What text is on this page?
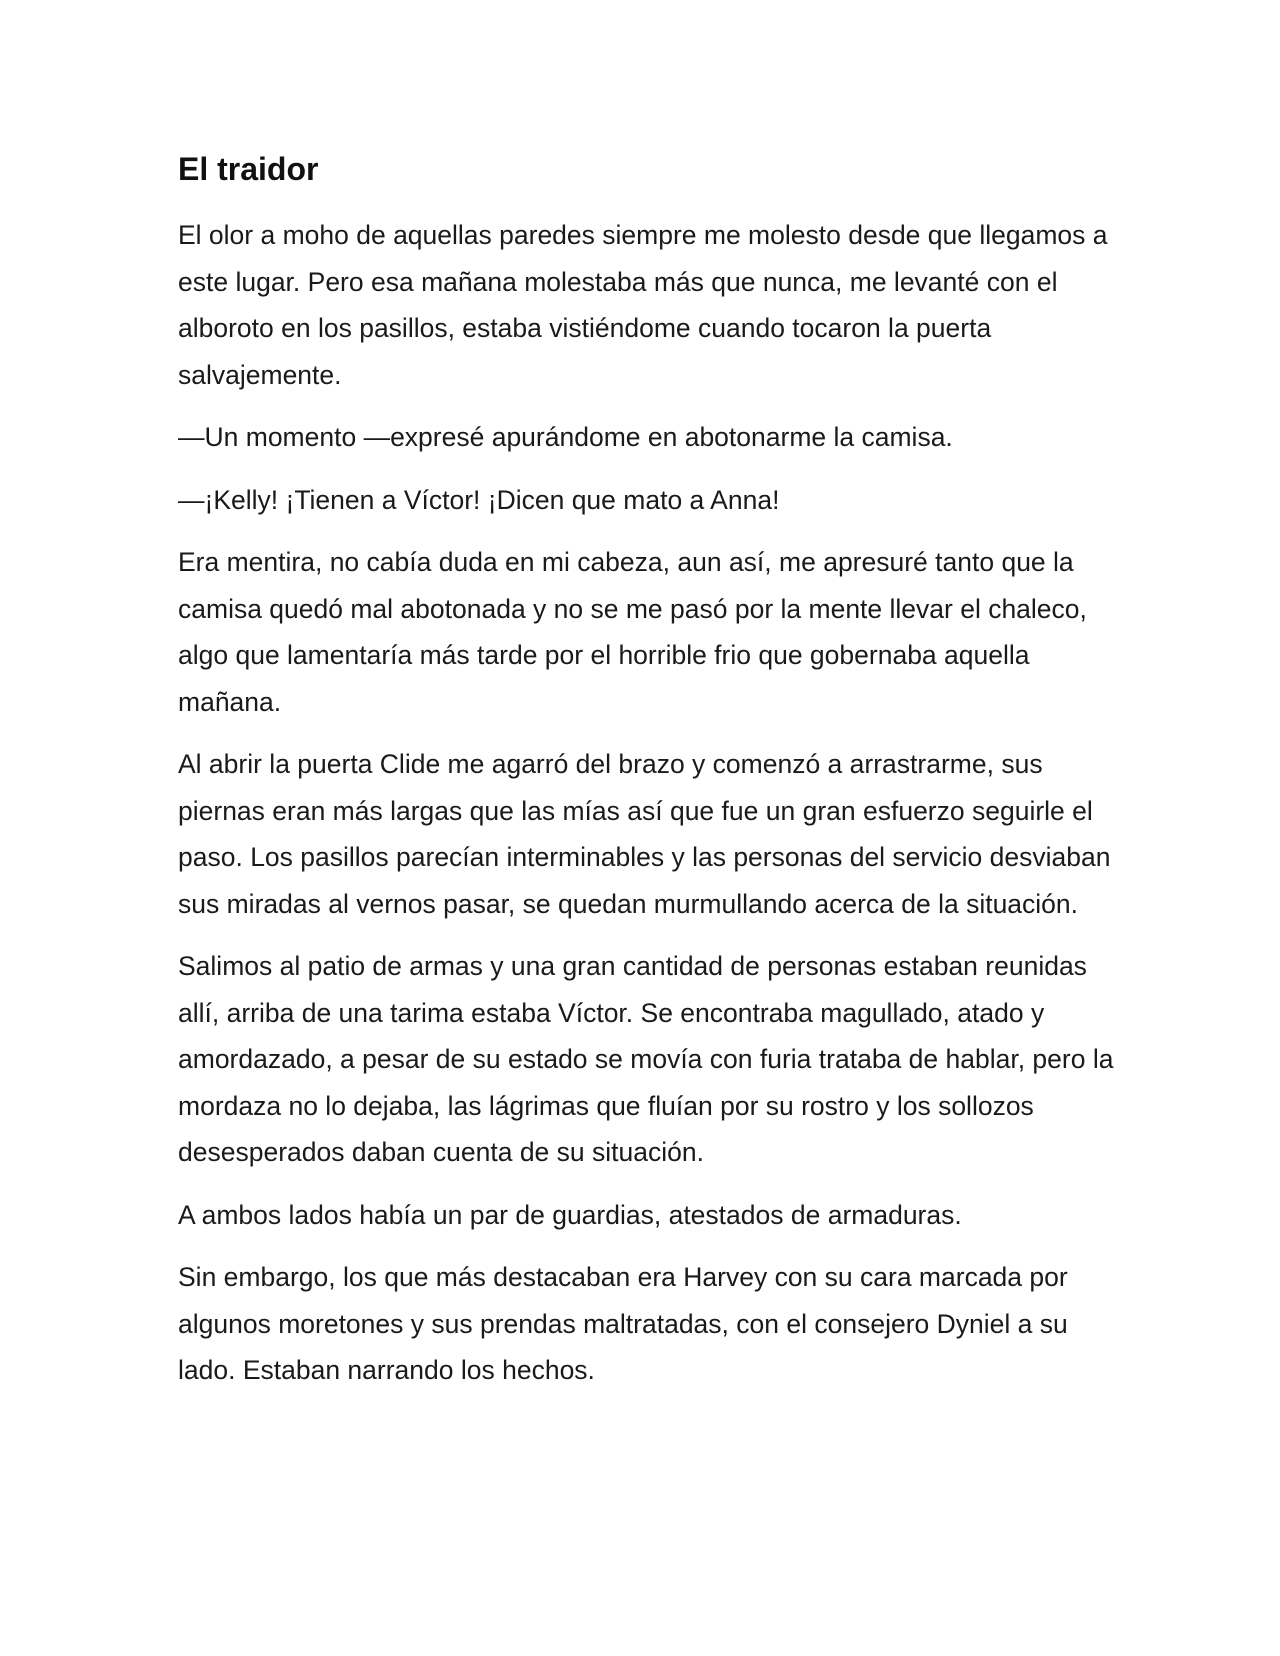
El traidor

El olor a moho de aquellas paredes siempre me molesto desde que llegamos a este lugar. Pero esa mañana molestaba más que nunca, me levanté con el alboroto en los pasillos, estaba vistiéndome cuando tocaron la puerta salvajemente.

—Un momento —expresé apurándome en abotonarme la camisa.

—¡Kelly! ¡Tienen a Víctor! ¡Dicen que mato a Anna!

Era mentira, no cabía duda en mi cabeza, aun así, me apresuré tanto que la camisa quedó mal abotonada y no se me pasó por la mente llevar el chaleco, algo que lamentaría más tarde por el horrible frio que gobernaba aquella mañana.

Al abrir la puerta Clide me agarró del brazo y comenzó a arrastrarme, sus piernas eran más largas que las mías así que fue un gran esfuerzo seguirle el paso. Los pasillos parecían interminables y las personas del servicio desviaban sus miradas al vernos pasar, se quedan murmullando acerca de la situación.

Salimos al patio de armas y una gran cantidad de personas estaban reunidas allí, arriba de una tarima estaba Víctor. Se encontraba magullado, atado y amordazado, a pesar de su estado se movía con furia trataba de hablar, pero la mordaza no lo dejaba, las lágrimas que fluían por su rostro y los sollozos desesperados daban cuenta de su situación.

A ambos lados había un par de guardias, atestados de armaduras.

Sin embargo, los que más destacaban era Harvey con su cara marcada por algunos moretones y sus prendas maltratadas, con el consejero Dyniel a su lado. Estaban narrando los hechos.
